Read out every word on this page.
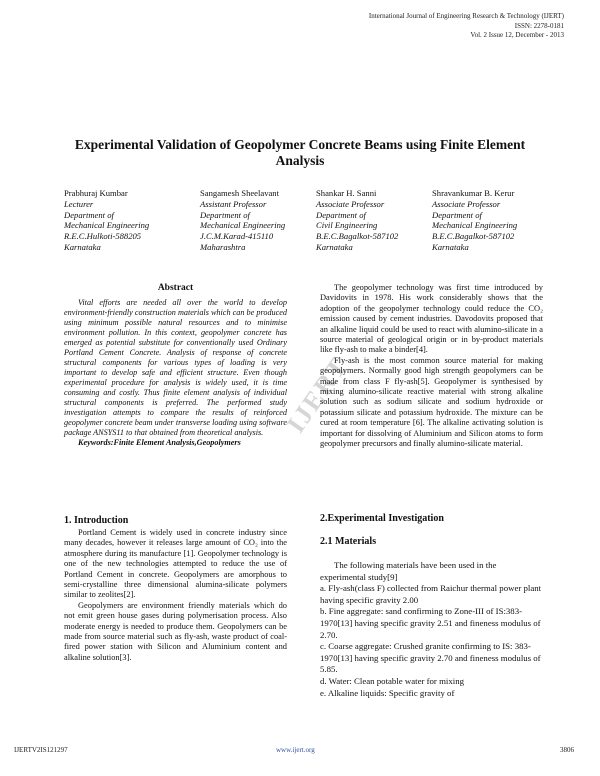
International Journal of Engineering Research & Technology (IJERT)
ISSN: 2278-0181
Vol. 2 Issue 12, December - 2013
Experimental Validation of Geopolymer Concrete Beams using Finite Element Analysis
Prabhuraj Kumbar
Lecturer
Department of
Mechanical Engineering
R.E.C.Hulkoti-588205
Karnataka
Sangamesh Sheelavant
Assistant Professor
Department of
Mechanical Engineering
J.C.M.Karad-415110
Maharashtra
Shankar H. Sanni
Associate Professor
Department of
Civil Engineering
B.E.C.Bagalkot-587102
Karnataka
Shravankumar B. Kerur
Associate Professor
Department of
Mechanical Engineering
B.E.C.Bagalkot-587102
Karnataka
IJERT
Abstract

Vital efforts are needed all over the world to develop environment-friendly construction materials which can be produced using minimum possible natural resources and to minimise environment pollution. In this context, geopolymer concrete has emerged as potential substitute for conventionally used Ordinary Portland Cement Concrete. Analysis of response of concrete structural components for various types of loading is very important to develop safe and efficient structure. Even though experimental procedure for analysis is widely used, it is time consuming and costly. Thus finite element analysis of individual structural components is preferred. The performed study investigation attempts to compare the results of reinforced geopolymer concrete beam under transverse loading using software package ANSYS11 to that obtained from theoretical analysis.

Keywords:Finite Element Analysis,Geopolymers
1. Introduction

Portland Cement is widely used in concrete industry since many decades, however it releases large amount of CO₂ into the atmosphere during its manufacture [1]. Geopolymer technology is one of the new technologies attempted to reduce the use of Portland Cement in concrete. Geopolymers are amorphous to semi-crystalline three dimensional alumina-silicate polymers similar to zeolites[2].

Geopolymers are environment friendly materials which do not emit green house gases during polymerisation process. Also moderate energy is needed to produce them. Geopolymers can be made from source material such as fly-ash, waste product of coal-fired power station with Silicon and Aluminium content and alkaline solution[3].

The geopolymer technology was first time introduced by Davidovits in 1978. His work considerably shows that the adoption of the geopolymer technology could reduce the CO₂ emission caused by cement industries. Davodovits proposed that an alkaline liquid could be used to react with alumino-silicate in a source material of geological origin or in by-product materials like fly-ash to make a binder[4].

Fly-ash is the most common source material for making geopolymers. Normally good high strength geopolymers can be made from class F fly-ash[5]. Geopolymer is synthesised by mixing alumino-silicate reactive material with strong alkaline solution such as sodium silicate and sodium hydroxide or potassium silicate and potassium hydroxide. The mixture can be cured at room temperature [6]. The alkaline activating solution is important for dissolving of Aluminium and Silicon atoms to form geopolymer precursors and finally alumino-silicate material.

2.Experimental Investigation
2.1 Materials
The following materials have been used in the experimental study[9]
a. Fly-ash(class F) collected from Raichur thermal power plant having specific gravity 2.00
b. Fine aggregate: sand confirming to Zone-III of IS:383-1970[13] having specific gravity 2.51 and fineness modulus of 2.70.
c. Coarse aggregate: Crushed granite confirming to IS: 383-1970[13] having specific gravity 2.70 and fineness modulus of 5.85.
d. Water: Clean potable water for mixing
e. Alkaline liquids: Specific gravity of
IJERTV2IS121297	www.ijert.org	3806
